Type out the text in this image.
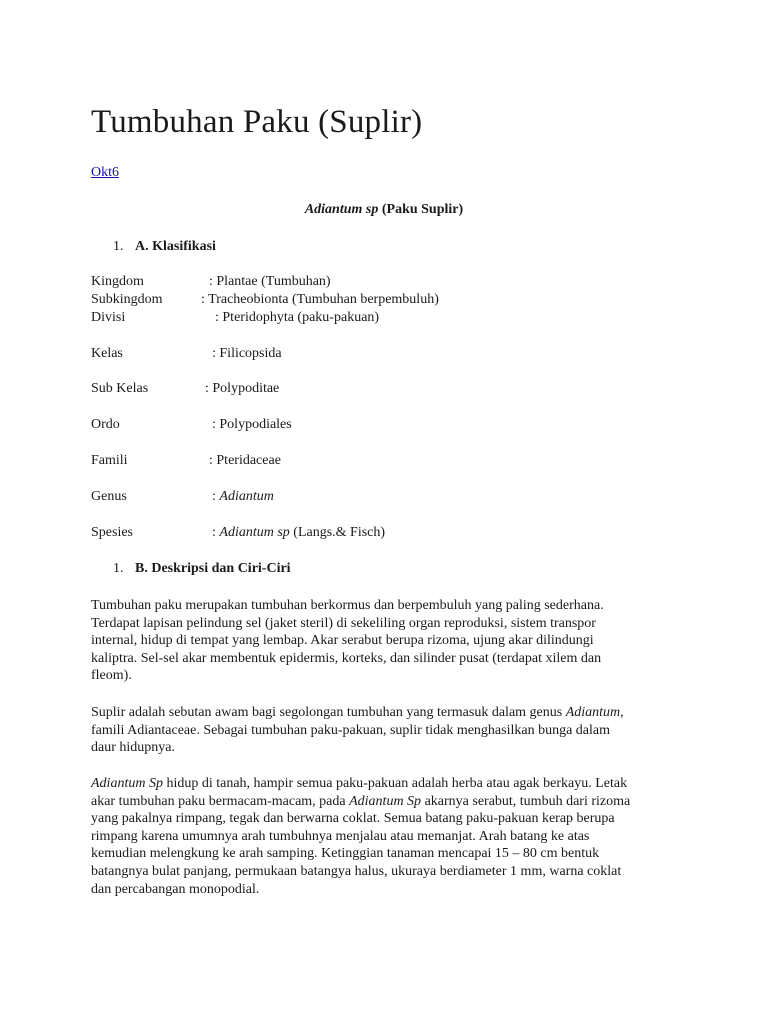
Tumbuhan Paku (Suplir)
Okt6
Adiantum sp (Paku Suplir)
1. A. Klasifikasi
Kingdom	: Plantae (Tumbuhan)
Subkingdom	: Tracheobionta (Tumbuhan berpembuluh)
Divisi	: Pteridophyta (paku-pakuan)
Kelas	: Filicopsida
Sub Kelas	: Polypoditae
Ordo	: Polypodiales
Famili	: Pteridaceae
Genus	: Adiantum
Spesies	: Adiantum sp (Langs.& Fisch)
1. B. Deskripsi dan Ciri-Ciri
Tumbuhan paku merupakan tumbuhan berkormus dan berpembuluh yang paling sederhana.
Terdapat lapisan pelindung sel (jaket steril) di sekeliling organ reproduksi, sistem transpor
internal, hidup di tempat yang lembap. Akar serabut berupa rizoma, ujung akar dilindungi
kaliptra. Sel-sel akar membentuk epidermis, korteks, dan silinder pusat (terdapat xilem dan
fleom).
Suplir adalah sebutan awam bagi segolongan tumbuhan yang termasuk dalam genus Adiantum,
famili Adiantaceae. Sebagai tumbuhan paku-pakuan, suplir tidak menghasilkan bunga dalam
daur hidupnya.
Adiantum Sp hidup di tanah, hampir semua paku-pakuan adalah herba atau agak berkayu. Letak
akar tumbuhan paku bermacam-macam, pada Adiantum Sp akarnya serabut, tumbuh dari rizoma
yang pakalnya rimpang, tegak dan berwarna coklat. Semua batang paku-pakuan kerap berupa
rimpang karena umumnya arah tumbuhnya menjalau atau memanjat. Arah batang ke atas
kemudian melengkung ke arah samping. Ketinggian tanaman mencapai 15 – 80 cm bentuk
batangnya bulat panjang, permukaan batangya halus, ukuraya berdiameter 1 mm, warna coklat
dan percabangan monopodial.
